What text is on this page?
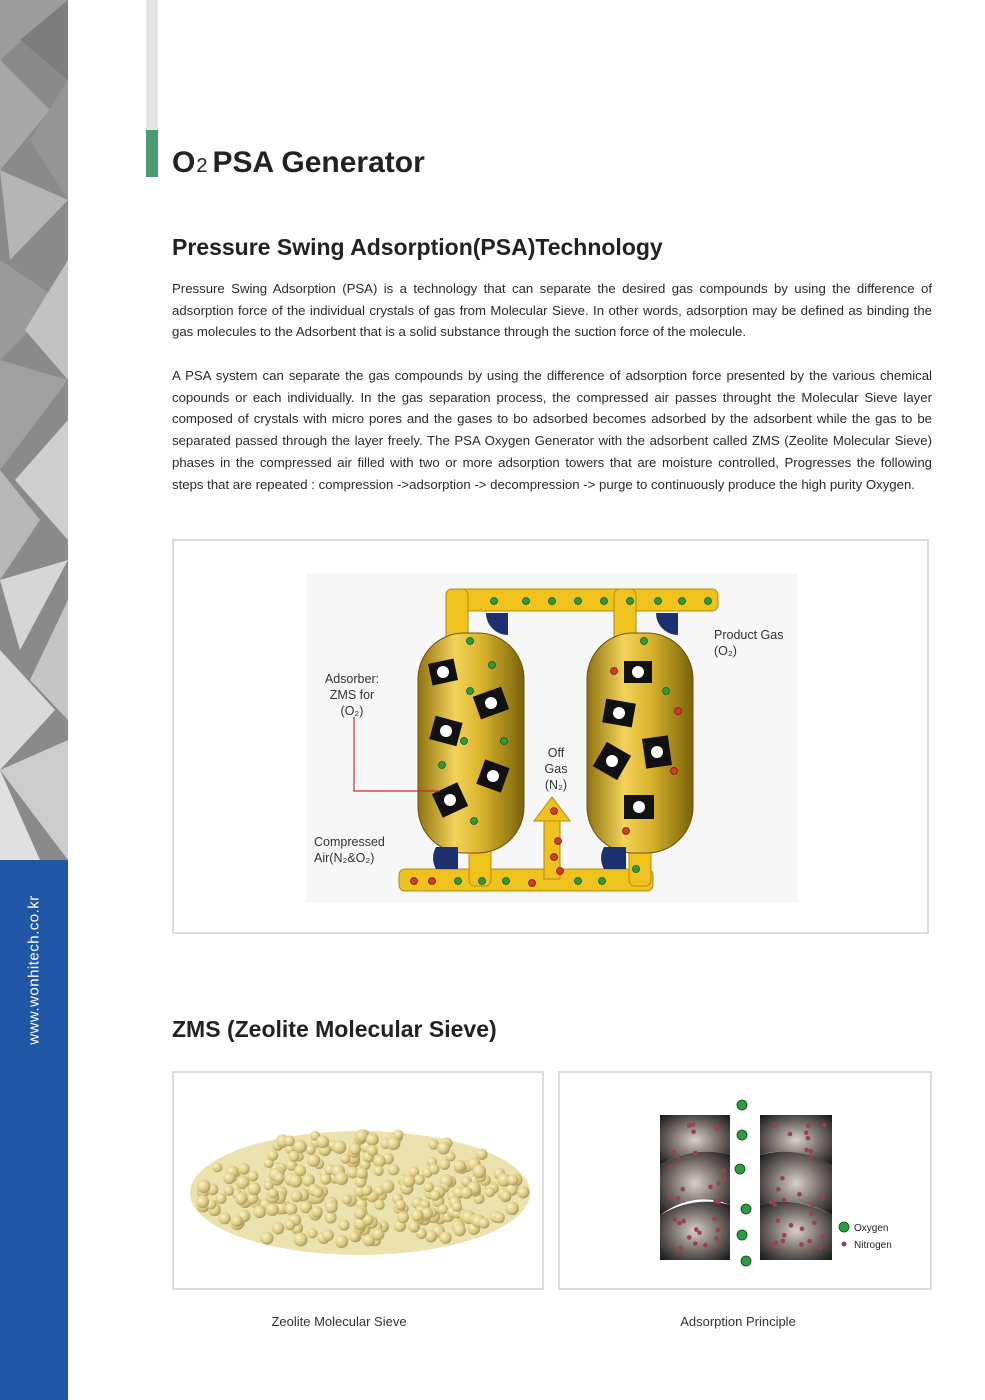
www.wonhitech.co.kr
O2 PSA Generator
Pressure Swing Adsorption(PSA)Technology

Pressure Swing Adsorption (PSA) is a technology that can separate the desired gas compounds by using the difference of adsorption force of the individual crystals of gas from Molecular Sieve. In other words, adsorption may be defined as binding the gas molecules to the Adsorbent that is a solid substance through the suction force of the molecule.

A PSA system can separate the gas compounds by using the difference of adsorption force presented by the various chemical copounds or each individually. In the gas separation process, the compressed air passes throught the Molecular Sieve layer composed of crystals with micro pores and the gases to bo adsorbed becomes adsorbed by the adsorbent while the gas to be separated passed through the layer freely. The PSA Oxygen Generator with the adsorbent called ZMS (Zeolite Molecular Sieve) phases in the compressed air filled with two or more adsorption towers that are moisture controlled, Progresses the following steps that are repeated : compression ->adsorption -> decompression -> purge to continuously produce the high purity Oxygen.

Adsorber:
ZMS for
(O₂)
Off
Gas
(N₂)
Product Gas
(O₂)
Compressed
Air(N₂&O₂)
ZMS (Zeolite Molecular Sieve)
Oxygen
Nitrogen
Zeolite Molecular Sieve	Adsorption Principle
